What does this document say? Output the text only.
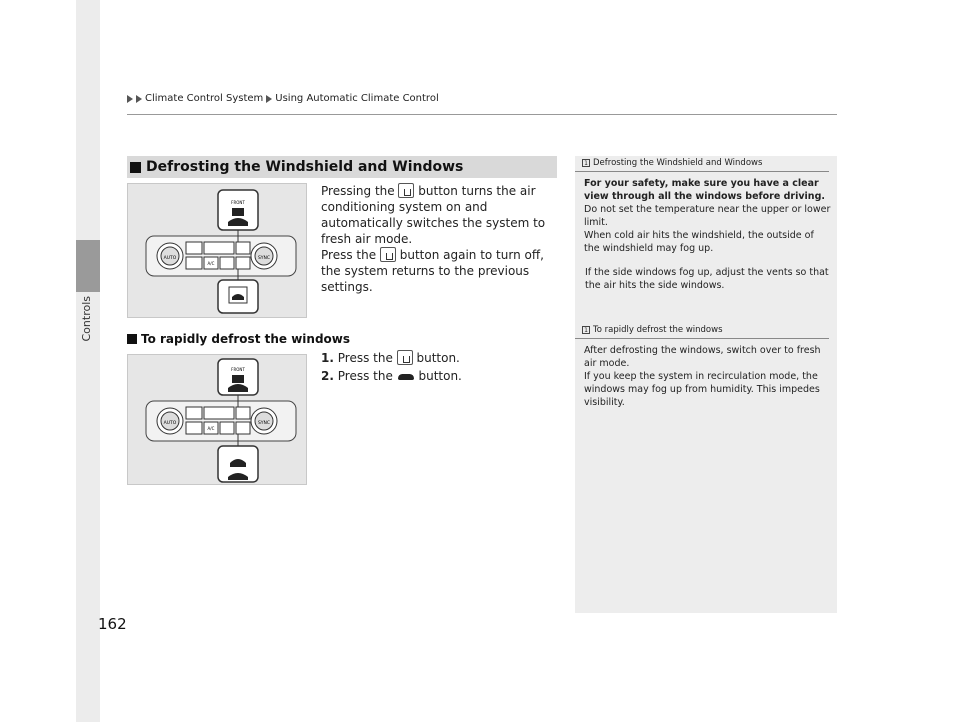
Controls
Climate Control System Using Automatic Climate Control
Defrosting the Windshield and Windows
AUTO	SYNC
A/C
FRONT
Pressing the  button turns the air conditioning system on and automatically switches the system to fresh air mode.
Press the  button again to turn off, the system returns to the previous settings.
To rapidly defrost the windows
AUTO	SYNC
A/C
FRONT
1. Press the  button.
2. Press the  button.
1 Defrosting the Windshield and Windows
For your safety, make sure you have a clear view through all the windows before driving.
Do not set the temperature near the upper or lower limit.
When cold air hits the windshield, the outside of the windshield may fog up.
If the side windows fog up, adjust the vents so that the air hits the side windows.
1 To rapidly defrost the windows
After defrosting the windows, switch over to fresh air mode.
If you keep the system in recirculation mode, the windows may fog up from humidity. This impedes visibility.
162
